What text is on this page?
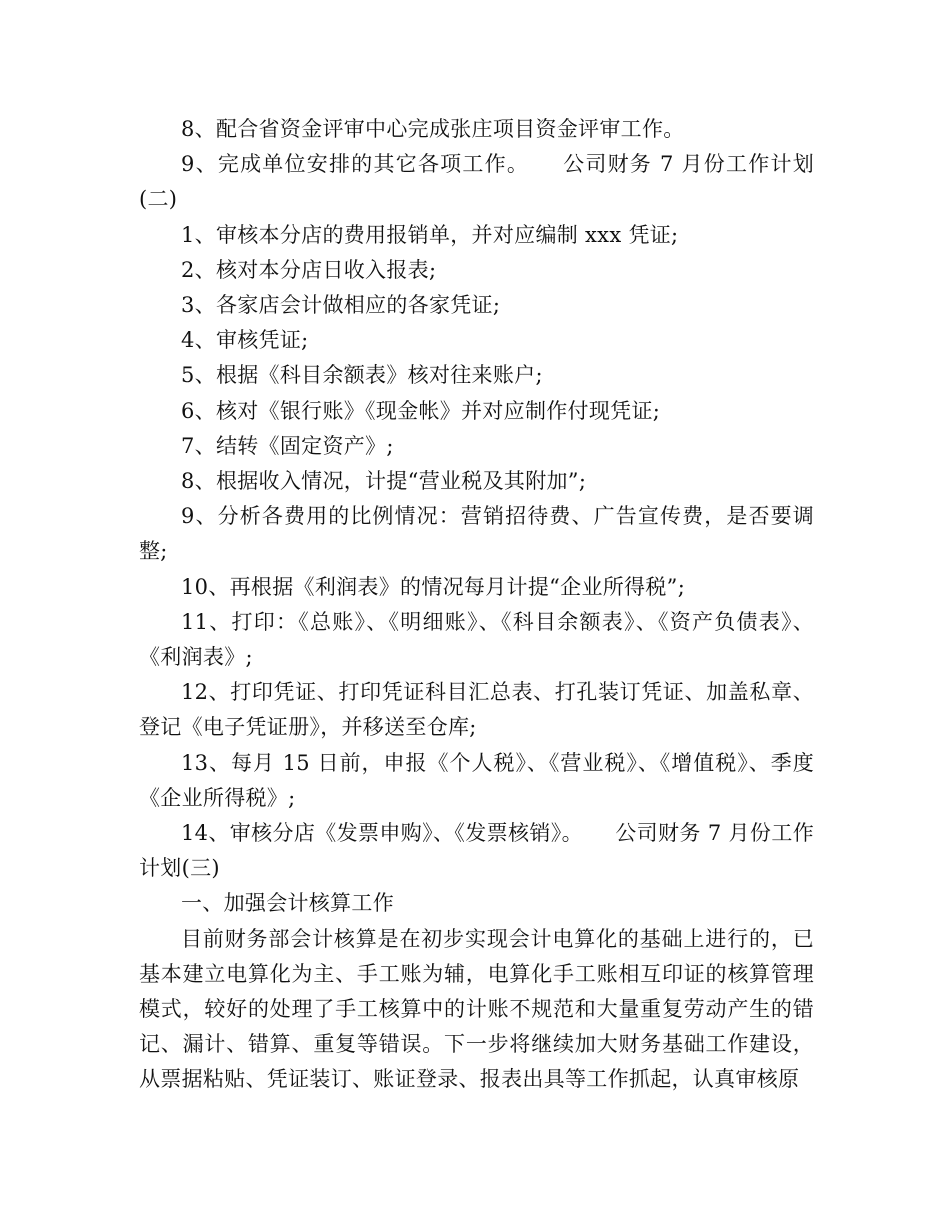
8、配合省资金评审中心完成张庄项目资金评审工作。

9、完成单位安排的其它各项工作。　　公司财务 7 月份工作计划(二)

1、审核本分店的费用报销单，并对应编制 xxx 凭证;

2、核对本分店日收入报表;

3、各家店会计做相应的各家凭证;

4、审核凭证;

5、根据《科目余额表》核对往来账户;

6、核对《银行账》《现金帐》并对应制作付现凭证;

7、结转《固定资产》;

8、根据收入情况，计提“营业税及其附加”;

9、分析各费用的比例情况：营销招待费、广告宣传费，是否要调整;

10、再根据《利润表》的情况每月计提“企业所得税”;

11、打印：《总账》、《明细账》、《科目余额表》、《资产负债表》、《利润表》;

12、打印凭证、打印凭证科目汇总表、打孔装订凭证、加盖私章、登记《电子凭证册》，并移送至仓库;

13、每月 15 日前，申报《个人税》、《营业税》、《增值税》、季度《企业所得税》;

14、审核分店《发票申购》、《发票核销》。　　公司财务 7 月份工作计划(三)

一、加强会计核算工作

目前财务部会计核算是在初步实现会计电算化的基础上进行的，已基本建立电算化为主、手工账为辅，电算化手工账相互印证的核算管理模式，较好的处理了手工核算中的计账不规范和大量重复劳动产生的错记、漏计、错算、重复等错误。下一步将继续加大财务基础工作建设，从票据粘贴、凭证装订、账证登录、报表出具等工作抓起，认真审核原
